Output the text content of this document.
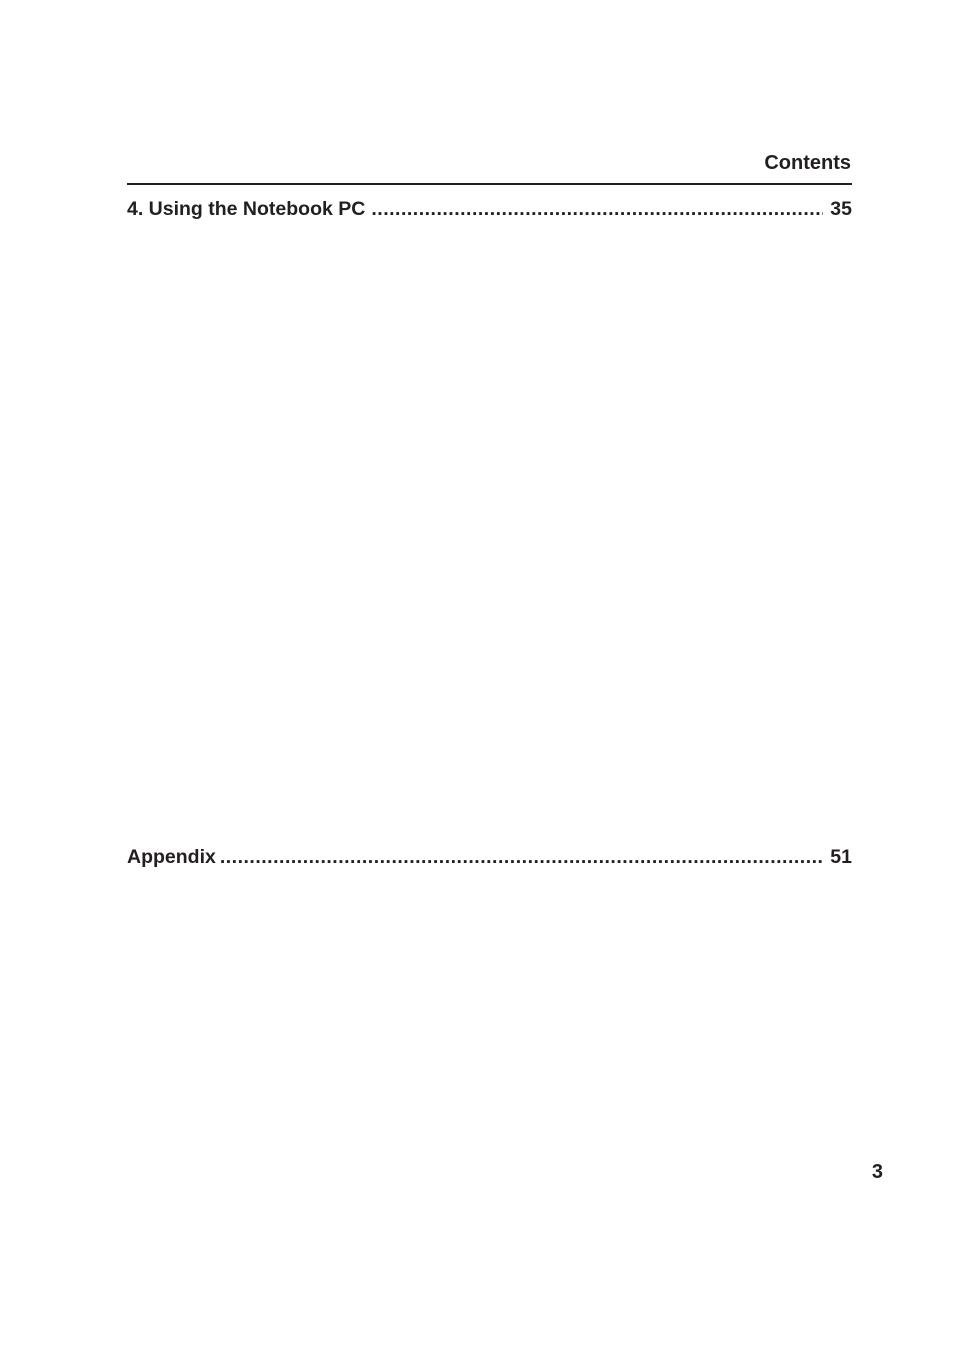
Contents
4. Using the Notebook PC .....	35
Appendix .....	51
3
